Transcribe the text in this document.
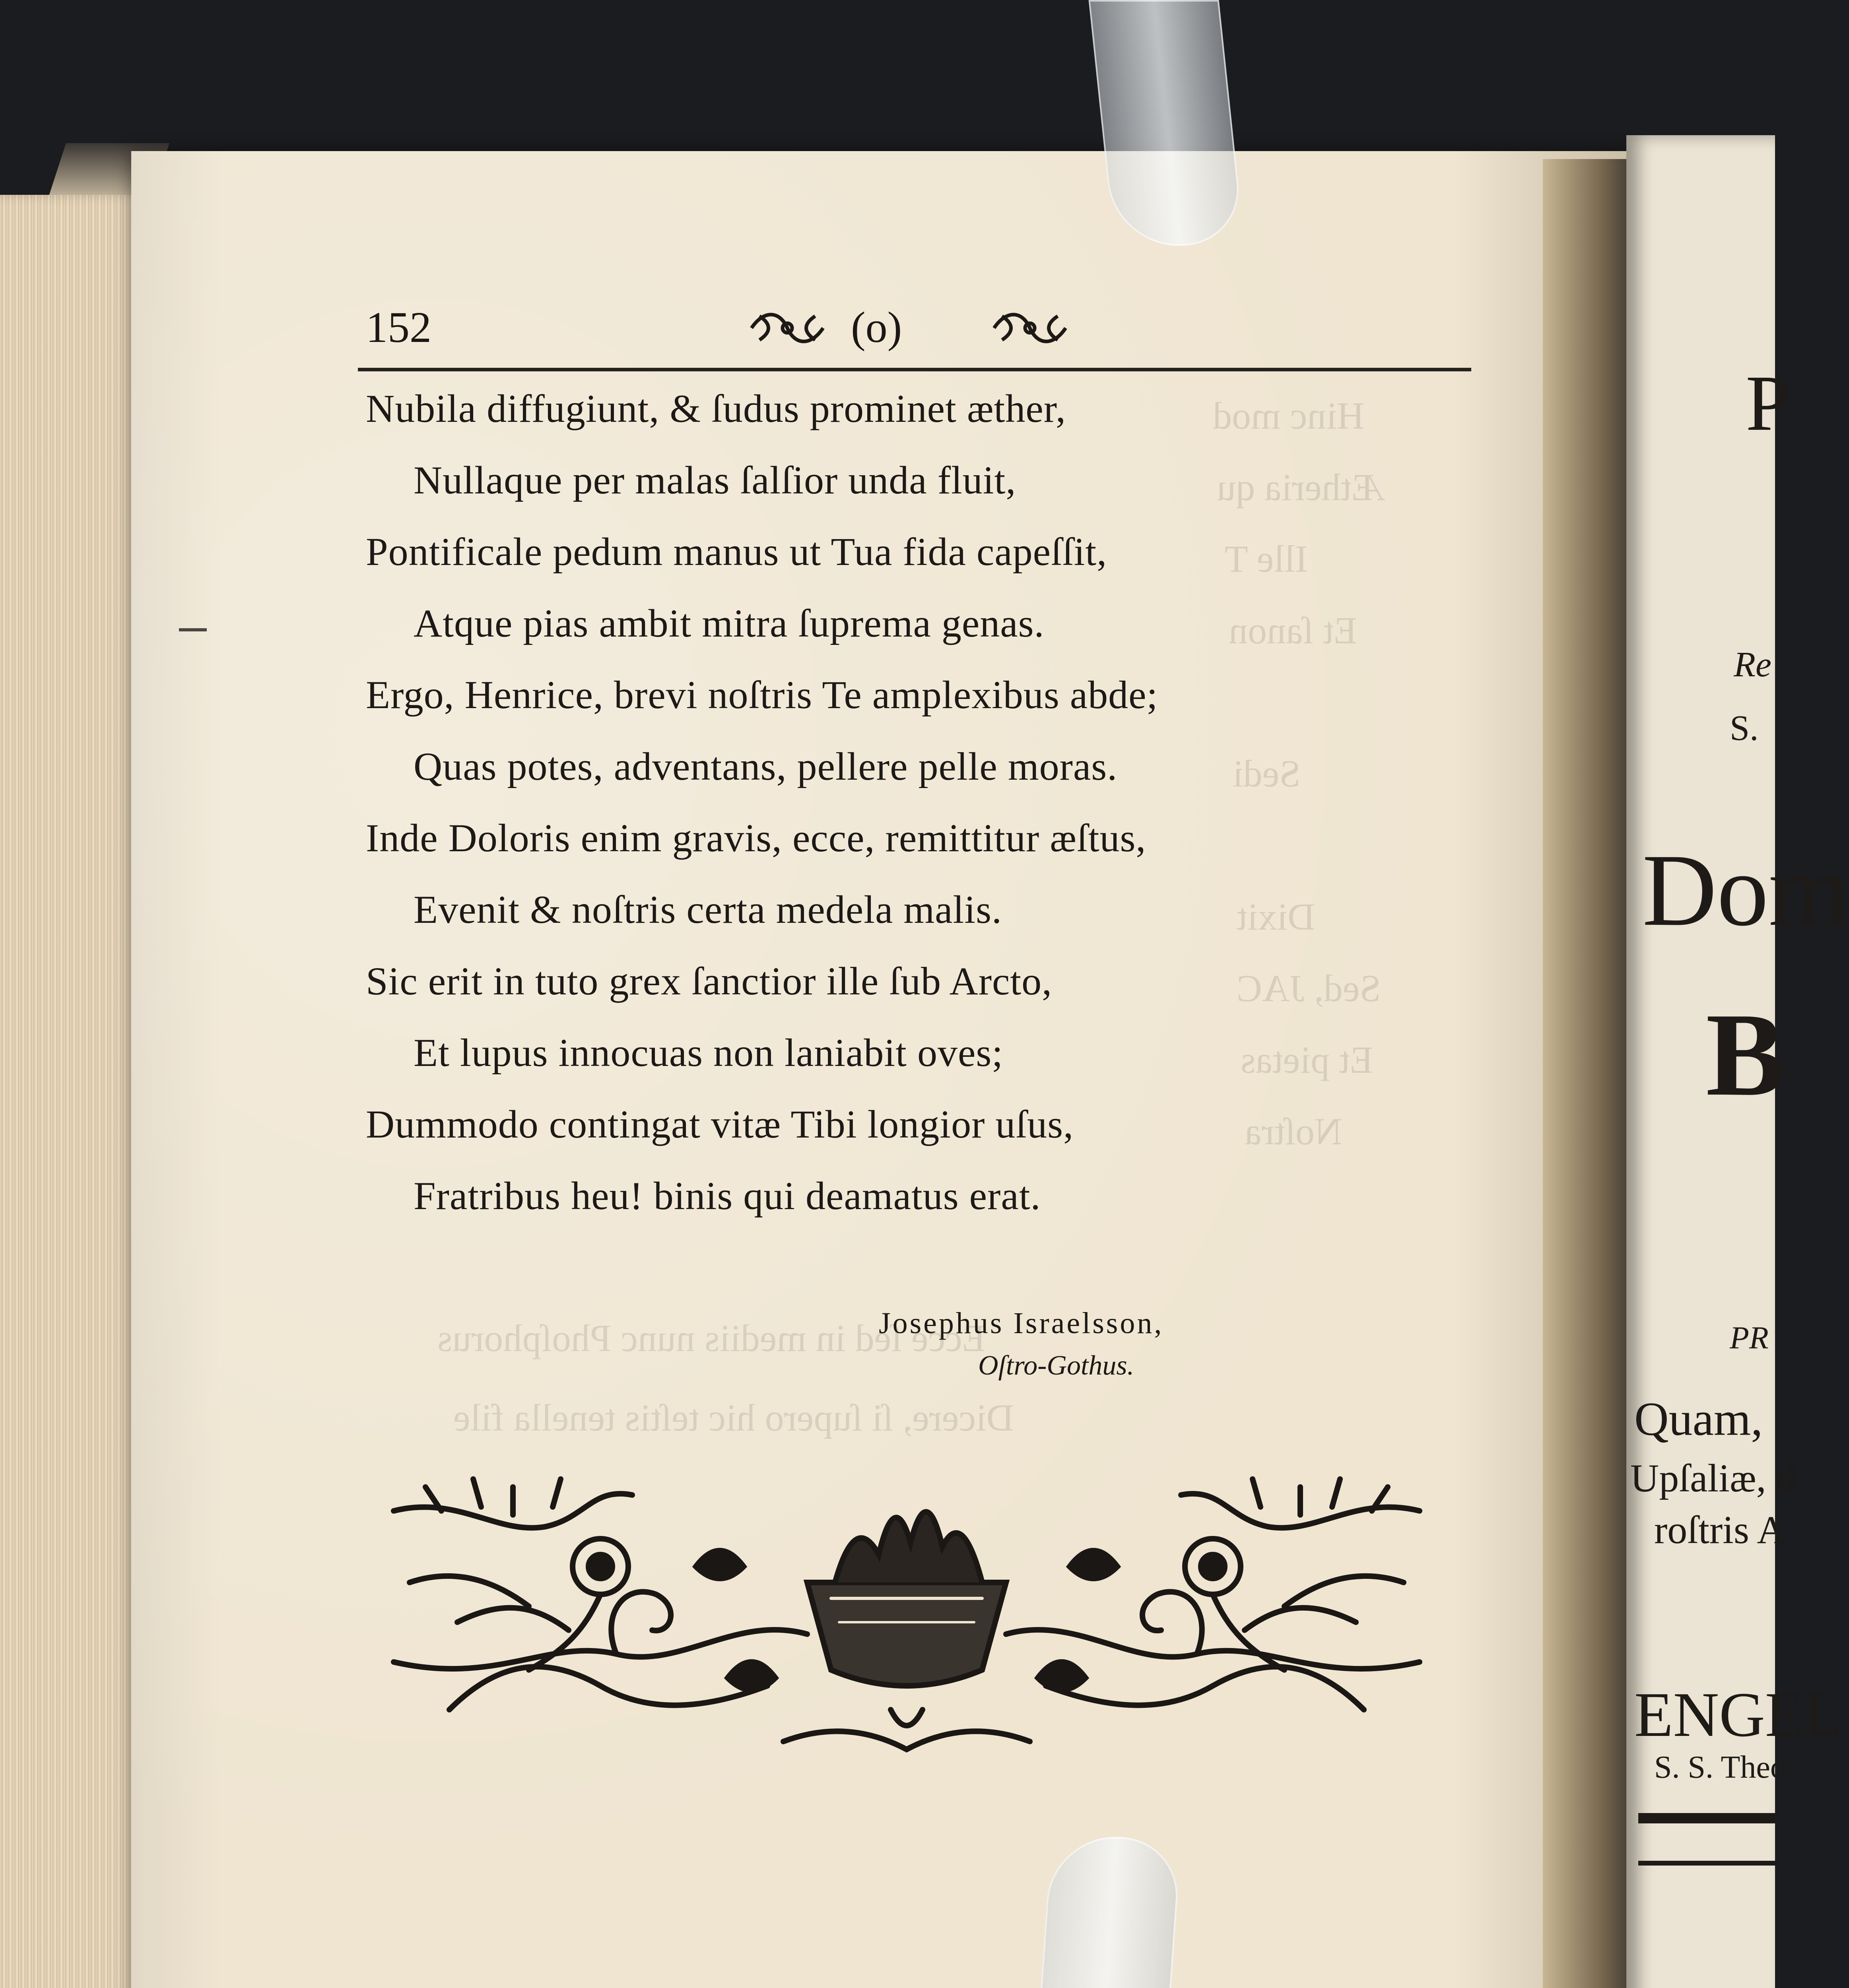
Hinc mod
Ætheria qu
Ille T
Et ſanon
Sedi
Dixit
Sed, JAC
Et pietas
Noſtra
Ecce ſed in mediis nunc Phoſphorus
Dicere, ſi ſupero hic teſtis tenella file
152	(o)
Nubila diffugiunt, & ſudus prominet æther,
Nullaque per malas ſalſior unda fluit,
Pontificale pedum manus ut Tua fida capeſſit,
Atque pias ambit mitra ſuprema genas.
Ergo, Henrice, brevi noſtris Te amplexibus abde;
Quas potes, adventans, pellere pelle moras.
Inde Doloris enim gravis, ecce, remittitur æſtus,
Evenit & noſtris certa medela malis.
Sic erit in tuto grex ſanctior ille ſub Arcto,
Et lupus innocuas non laniabit oves;
Dummodo contingat vitæ Tibi longior uſus,
Fratribus heu! binis qui deamatus erat.
Josephus Israelsson,
Oſtro-Gothus.
P
Re
S.
Dom
B
PR
Quam,
Upſaliæ, d
roſtris A
ENGEL
S. S. Theo
